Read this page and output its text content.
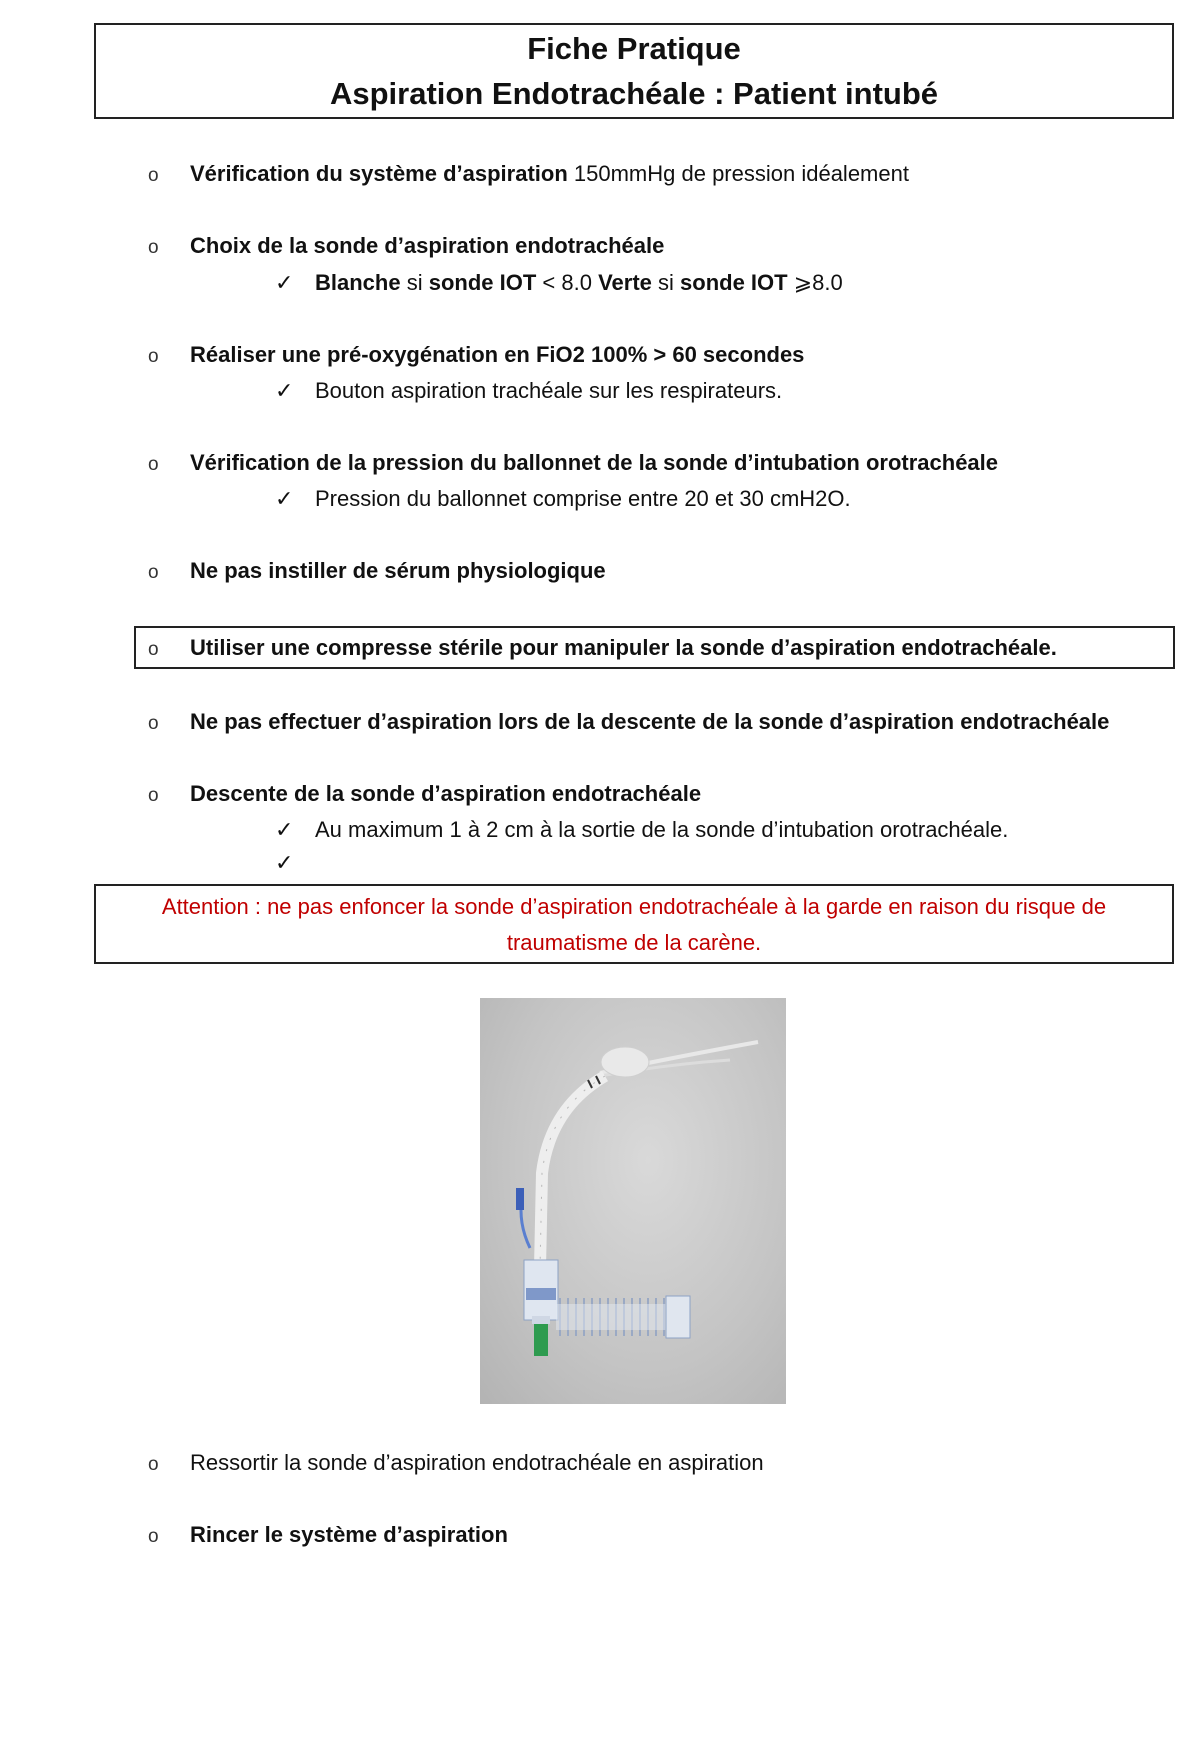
Fiche Pratique
Aspiration Endotrachéale : Patient intubé
o Vérification du système d’aspiration 150mmHg de pression idéalement
o Choix de la sonde d’aspiration endotrachéale
✓ Blanche si sonde IOT < 8.0 Verte si sonde IOT ⩾8.0
o Réaliser une pré-oxygénation en FiO2 100% > 60 secondes
✓ Bouton aspiration trachéale sur les respirateurs.
o Vérification de la pression du ballonnet de la sonde d’intubation orotrachéale
✓ Pression du ballonnet comprise entre 20 et 30 cmH2O.
o Ne pas instiller de sérum physiologique
o Utiliser une compresse stérile pour manipuler la sonde d’aspiration endotrachéale.
o Ne pas effectuer d’aspiration lors de la descente de la sonde d’aspiration endotrachéale
o Descente de la sonde d’aspiration endotrachéale
✓ Au maximum 1 à 2 cm à la sortie de la sonde d’intubation orotrachéale.
✓
Attention : ne pas enfoncer la sonde d’aspiration endotrachéale à la garde en raison du risque de
traumatisme de la carène.
o Ressortir la sonde d’aspiration endotrachéale en aspiration
o Rincer le système d’aspiration
